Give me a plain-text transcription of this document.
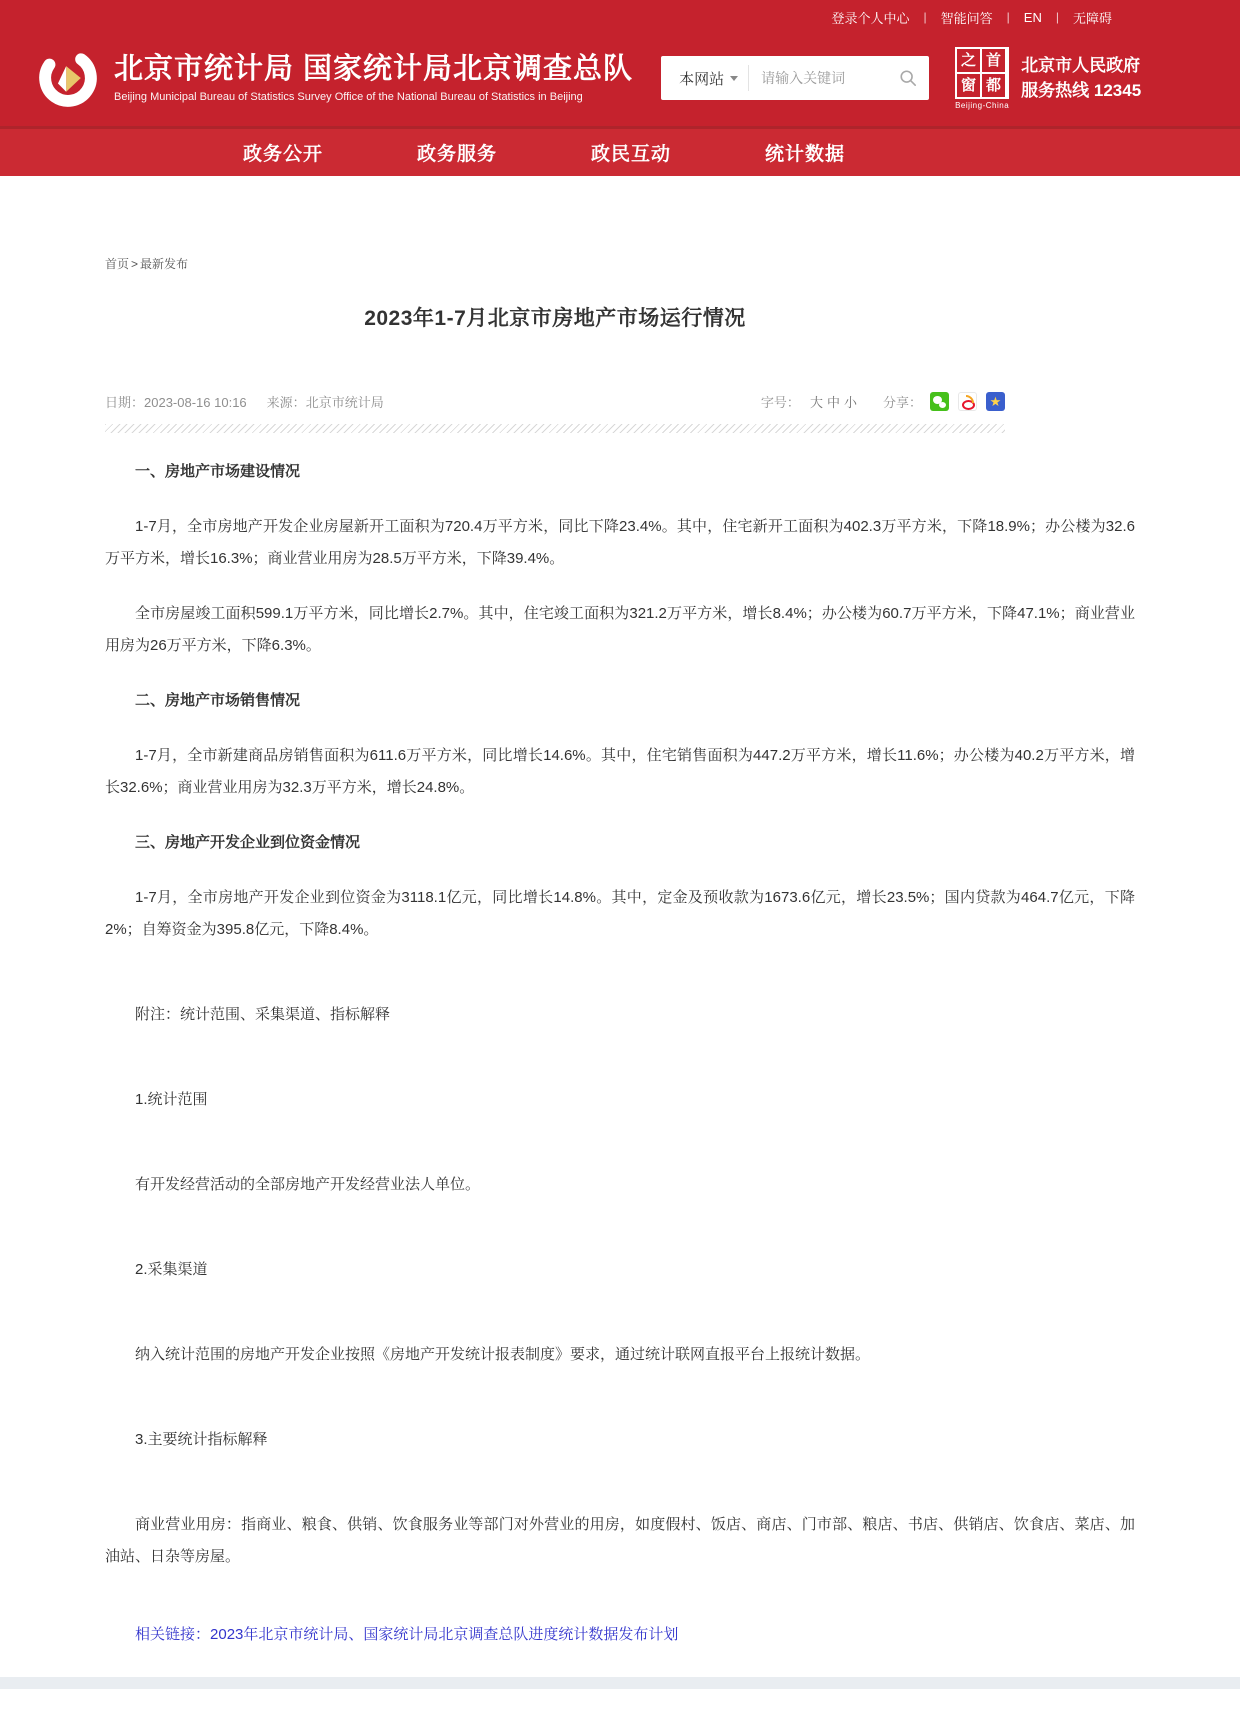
登录个人中心 | 智能问答 | EN | 无障碍
北京市统计局 国家统计局北京调查总队
Beijing Municipal Bureau of Statistics Survey Office of the National Bureau of Statistics in Beijing
本网站
请输入关键词
之 首
窗 都
Beijing-China
北京市人民政府
服务热线 12345
政务公开	政务服务	政民互动	统计数据
首页 > 最新发布
2023年1-7月北京市房地产市场运行情况
日期：2023-08-16 10:16 来源：北京市统计局	字号： 大 中 小 分享：
★
一、房地产市场建设情况
1-7月，全市房地产开发企业房屋新开工面积为720.4万平方米，同比下降23.4%。其中，住宅新开工面积为402.3万平方米，下降18.9%；办公楼为32.6万平方米，增长16.3%；商业营业用房为28.5万平方米，下降39.4%。
全市房屋竣工面积599.1万平方米，同比增长2.7%。其中，住宅竣工面积为321.2万平方米，增长8.4%；办公楼为60.7万平方米，下降47.1%；商业营业用房为26万平方米，下降6.3%。
二、房地产市场销售情况
1-7月，全市新建商品房销售面积为611.6万平方米，同比增长14.6%。其中，住宅销售面积为447.2万平方米，增长11.6%；办公楼为40.2万平方米，增长32.6%；商业营业用房为32.3万平方米，增长24.8%。
三、房地产开发企业到位资金情况
1-7月，全市房地产开发企业到位资金为3118.1亿元，同比增长14.8%。其中，定金及预收款为1673.6亿元，增长23.5%；国内贷款为464.7亿元，下降2%；自筹资金为395.8亿元，下降8.4%。
附注：统计范围、采集渠道、指标解释
1.统计范围
有开发经营活动的全部房地产开发经营业法人单位。
2.采集渠道
纳入统计范围的房地产开发企业按照《房地产开发统计报表制度》要求，通过统计联网直报平台上报统计数据。
3.主要统计指标解释
商业营业用房：指商业、粮食、供销、饮食服务业等部门对外营业的用房，如度假村、饭店、商店、门市部、粮店、书店、供销店、饮食店、菜店、加油站、日杂等房屋。
相关链接：2023年北京市统计局、国家统计局北京调查总队进度统计数据发布计划
